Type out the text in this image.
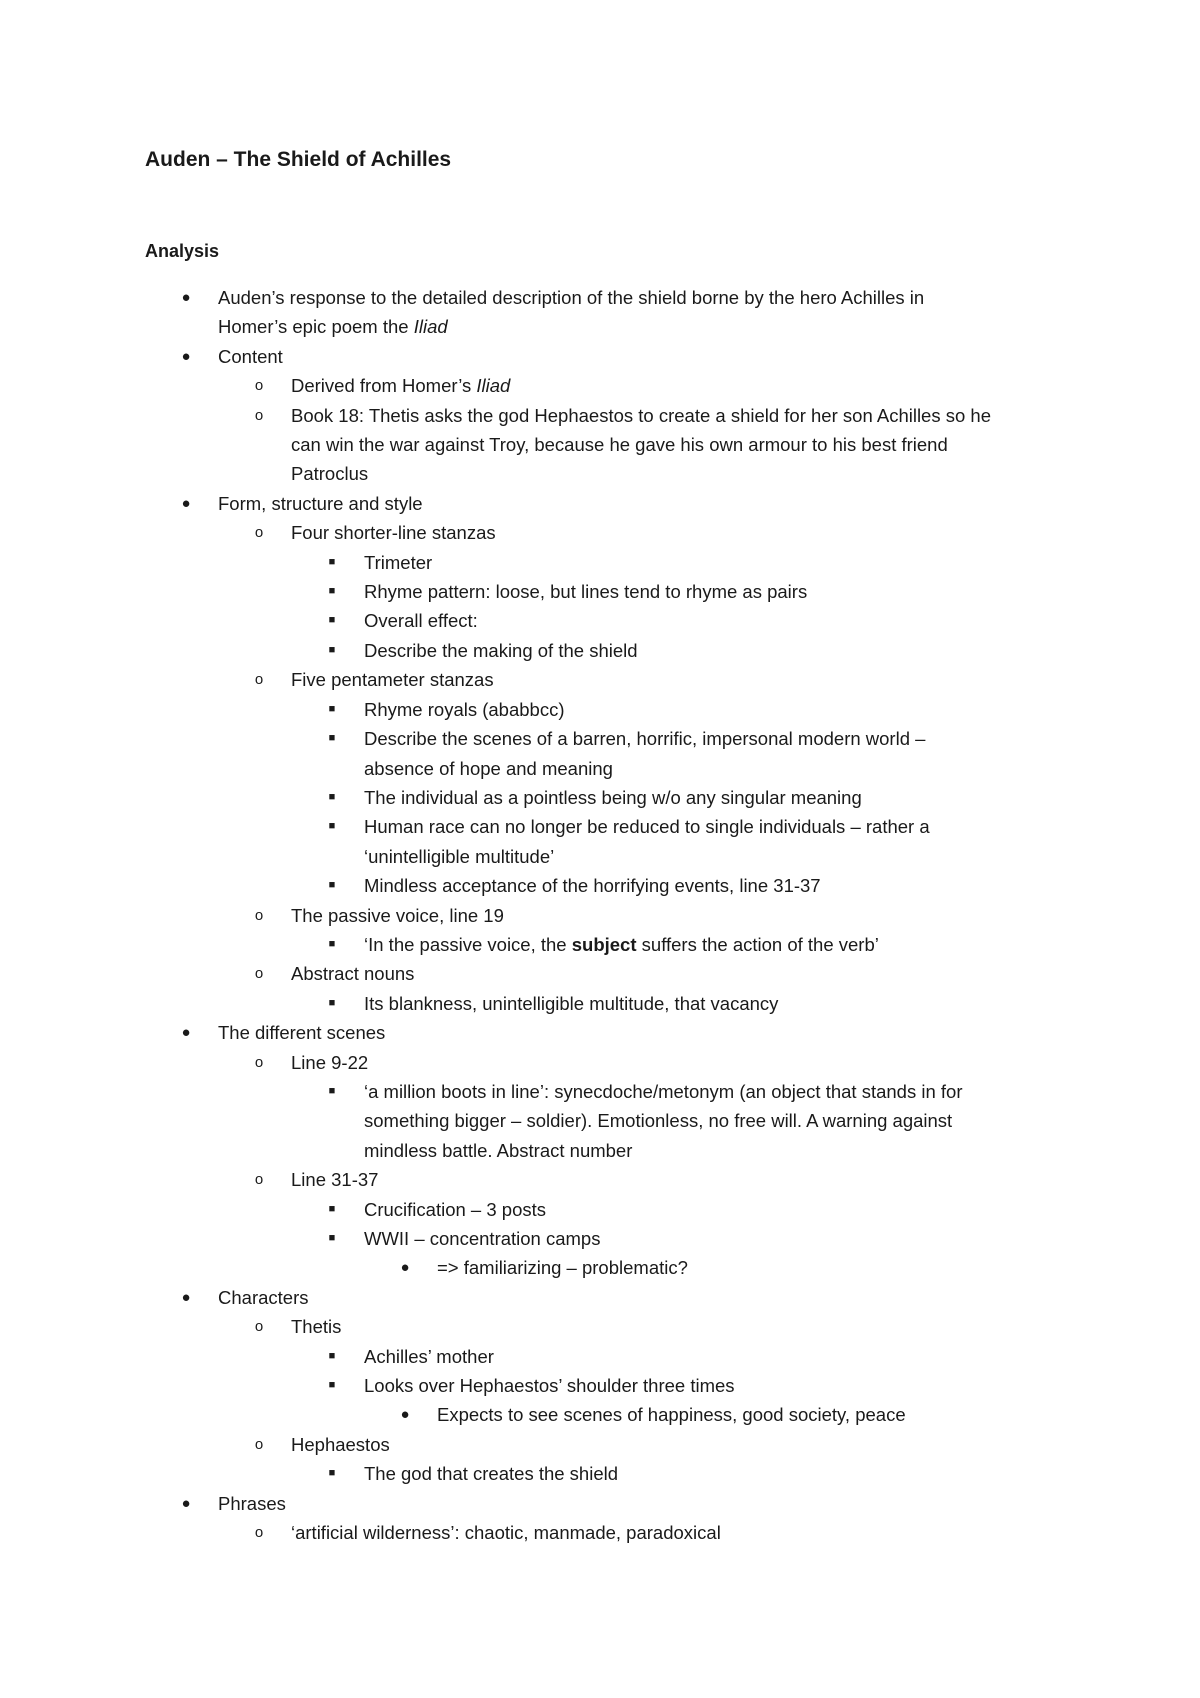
Auden – The Shield of Achilles
Analysis
● Auden’s response to the detailed description of the shield borne by the hero Achilles in
Homer’s epic poem the Iliad
●	Content
o	Derived from Homer’s Iliad
o Book 18: Thetis asks the god Hephaestos to create a shield for her son Achilles so he
can win the war against Troy, because he gave his own armour to his best friend
Patroclus
●	Form, structure and style
o	Four shorter-line stanzas
■	Trimeter
■	Rhyme pattern: loose, but lines tend to rhyme as pairs
■	Overall effect:
■	Describe the making of the shield
o	Five pentameter stanzas
■	Rhyme royals (ababbcc)
■ Describe the scenes of a barren, horrific, impersonal modern world –
absence of hope and meaning
■	The individual as a pointless being w/o any singular meaning
■ Human race can no longer be reduced to single individuals – rather a
‘unintelligible multitude’
■	Mindless acceptance of the horrifying events, line 31-37
o	The passive voice, line 19
■	‘In the passive voice, the subject suffers the action of the verb’
o	Abstract nouns
■	Its blankness, unintelligible multitude, that vacancy
●	The different scenes
o	Line 9-22
■ ‘a million boots in line’: synecdoche/metonym (an object that stands in for
something bigger – soldier). Emotionless, no free will. A warning against
mindless battle. Abstract number
o	Line 31-37
■	Crucification – 3 posts
■	WWII – concentration camps
●	=> familiarizing – problematic?
●	Characters
o	Thetis
■	Achilles’ mother
■	Looks over Hephaestos’ shoulder three times
●	Expects to see scenes of happiness, good society, peace
o	Hephaestos
■	The god that creates the shield
●	Phrases
o	‘artificial wilderness’: chaotic, manmade, paradoxical
